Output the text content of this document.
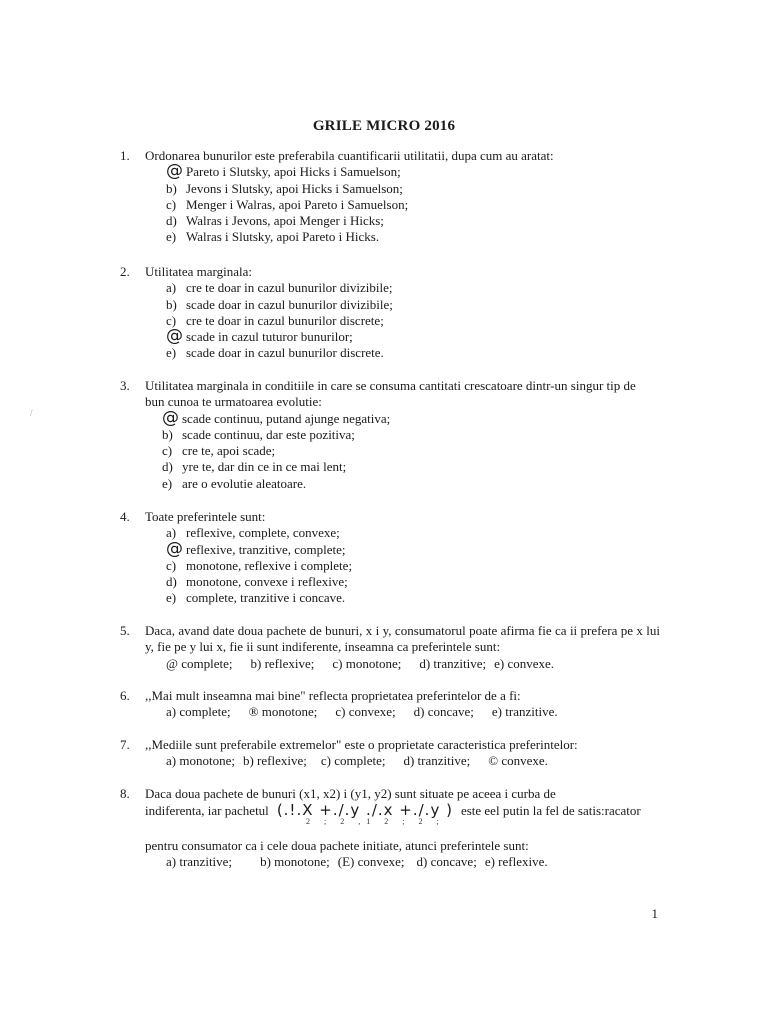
GRILE MICRO 2016
/
1.	Ordonarea bunurilor este preferabila cuantificarii utilitatii, dupa cum au aratat:
@ Pareto i Slutsky, apoi Hicks i Samuelson;
b) Jevons i Slutsky, apoi Hicks i Samuelson;
c) Menger i Walras, apoi Pareto i Samuelson;
d) Walras i Jevons, apoi Menger i Hicks;
e) Walras i Slutsky, apoi Pareto i Hicks.
2.	Utilitatea marginala:
a) cre te doar in cazul bunurilor divizibile;
b) scade doar in cazul bunurilor divizibile;
c) cre te doar in cazul bunurilor discrete;
@ scade in cazul tuturor bunurilor;
e) scade doar in cazul bunurilor discrete.
3.	Utilitatea marginala in conditiile in care se consuma cantitati crescatoare dintr-un singur tip de bun cunoa te urmatoarea evolutie:
@ scade continuu, putand ajunge negativa;
b) scade continuu, dar este pozitiva;
c) cre te, apoi scade;
d) yre te, dar din ce in ce mai lent;
e) are o evolutie aleatoare.
4.	Toate preferintele sunt:
a) reflexive, complete, convexe;
@ reflexive, tranzitive, complete;
c) monotone, reflexive i complete;
d) monotone, convexe i reflexive;
e) complete, tranzitive i concave.
5.	Daca, avand date doua pachete de bunuri, x i y, consumatorul poate afirma fie ca ii prefera pe x lui y, fie pe y lui x, fie ii sunt indiferente, inseamna ca preferintele sunt:
@ complete; b) reflexive; c) monotone; d) tranzitive; e) convexe.
6.	,,Mai mult inseamna mai bine" reflecta proprietatea preferintelor de a fi:
a) complete; ® monotone; c) convexe; d) concave; e) tranzitive.
7.	,,Mediile sunt preferabile extremelor" este o proprietate caracteristica preferintelor:
a) monotone; b) reflexive; c) complete; d) tranzitive; © convexe.
8.	Daca doua pachete de bunuri (x1, x2) i (y1, y2) sunt situate pe aceea i curba de
indiferenta, iar pachetul (.!.X +./.y ./.x +./.y ) este eel putin la fel de satis:racator
pentru consumator ca i cele doua pachete initiate, atunci preferintele sunt:
a) tranzitive; b) monotone; (E) convexe; d) concave; e) reflexive.
2 ; 2 ,1 2 ; 2 ;
1
